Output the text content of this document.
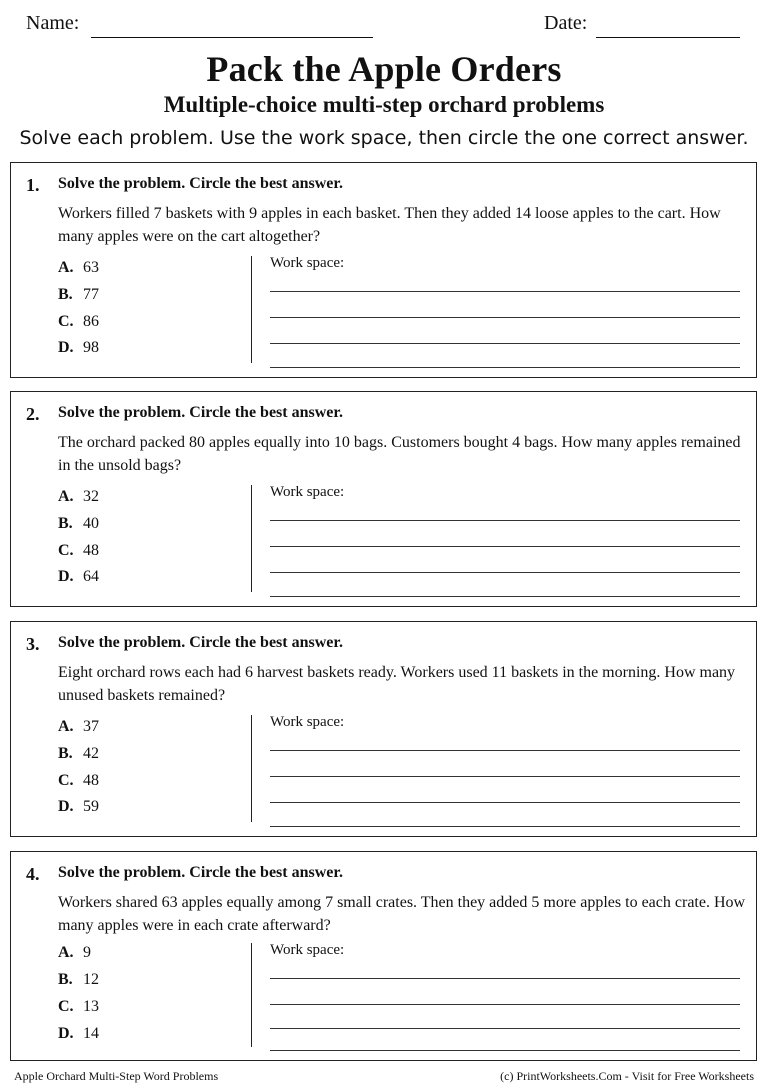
Name:	Date:
Pack the Apple Orders
Multiple-choice multi-step orchard problems
Solve each problem. Use the work space, then circle the one correct answer.
1. Solve the problem. Circle the best answer.
Workers filled 7 baskets with 9 apples in each basket. Then they added 14 loose apples to the cart. How many apples were on the cart altogether?
A. 63
B. 77
C. 86
D. 98
Work space:
2. Solve the problem. Circle the best answer.
The orchard packed 80 apples equally into 10 bags. Customers bought 4 bags. How many apples remained in the unsold bags?
A. 32
B. 40
C. 48
D. 64
Work space:
3. Solve the problem. Circle the best answer.
Eight orchard rows each had 6 harvest baskets ready. Workers used 11 baskets in the morning. How many unused baskets remained?
A. 37
B. 42
C. 48
D. 59
Work space:
4. Solve the problem. Circle the best answer.
Workers shared 63 apples equally among 7 small crates. Then they added 5 more apples to each crate. How many apples were in each crate afterward?
A. 9
B. 12
C. 13
D. 14
Work space:
Apple Orchard Multi-Step Word Problems	(c) PrintWorksheets.Com - Visit for Free Worksheets
